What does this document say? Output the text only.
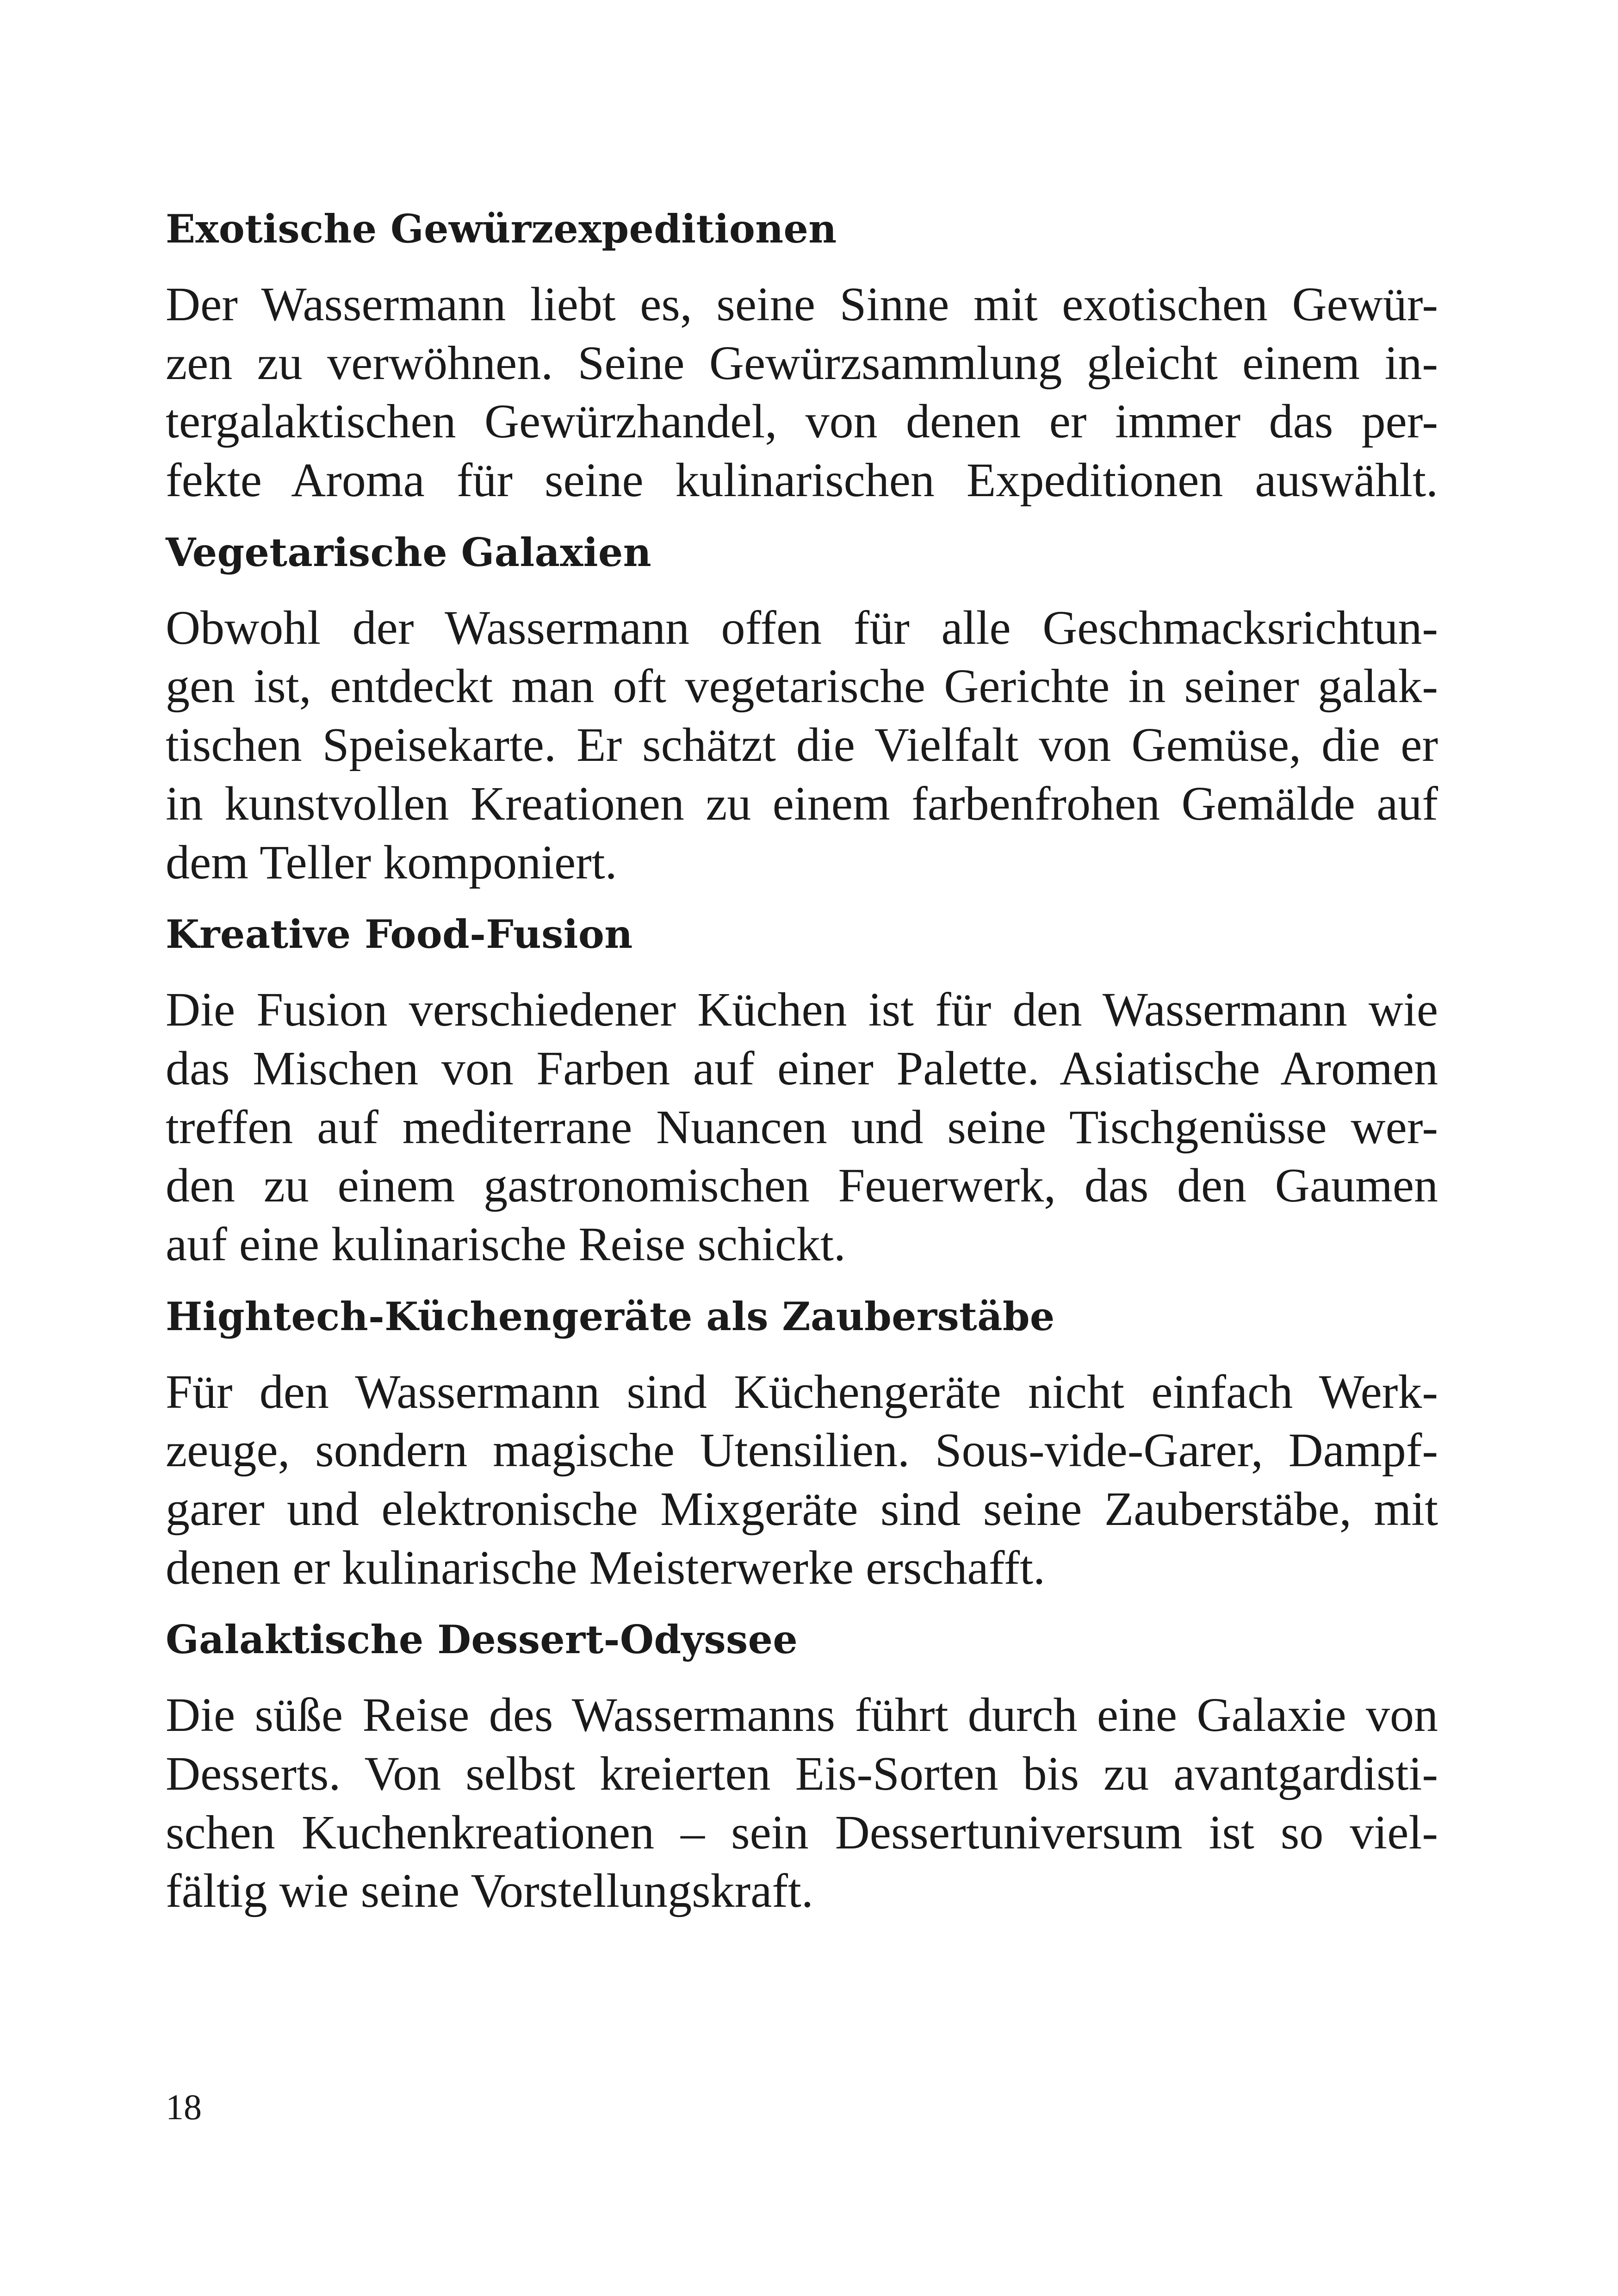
Exotische Gewürzexpeditionen
Der Wassermann liebt es, seine Sinne mit exotischen Gewür-
zen zu verwöhnen. Seine Gewürzsammlung gleicht einem in-
tergalaktischen Gewürzhandel, von denen er immer das per-
fekte Aroma für seine kulinarischen Expeditionen auswählt.
Vegetarische Galaxien
Obwohl der Wassermann offen für alle Geschmacksrichtun-
gen ist, entdeckt man oft vegetarische Gerichte in seiner galak-
tischen Speisekarte. Er schätzt die Vielfalt von Gemüse, die er
in kunstvollen Kreationen zu einem farbenfrohen Gemälde auf
dem Teller komponiert.
Kreative Food-Fusion
Die Fusion verschiedener Küchen ist für den Wassermann wie
das Mischen von Farben auf einer Palette. Asiatische Aromen
treffen auf mediterrane Nuancen und seine Tischgenüsse wer-
den zu einem gastronomischen Feuerwerk, das den Gaumen
auf eine kulinarische Reise schickt.
Hightech-Küchengeräte als Zauberstäbe
Für den Wassermann sind Küchengeräte nicht einfach Werk-
zeuge, sondern magische Utensilien. Sous-vide-Garer, Dampf-
garer und elektronische Mixgeräte sind seine Zauberstäbe, mit
denen er kulinarische Meisterwerke erschafft.
Galaktische Dessert-Odyssee
Die süße Reise des Wassermanns führt durch eine Galaxie von
Desserts. Von selbst kreierten Eis-Sorten bis zu avantgardisti-
schen Kuchenkreationen – sein Dessertuniversum ist so viel-
fältig wie seine Vorstellungskraft.
18
